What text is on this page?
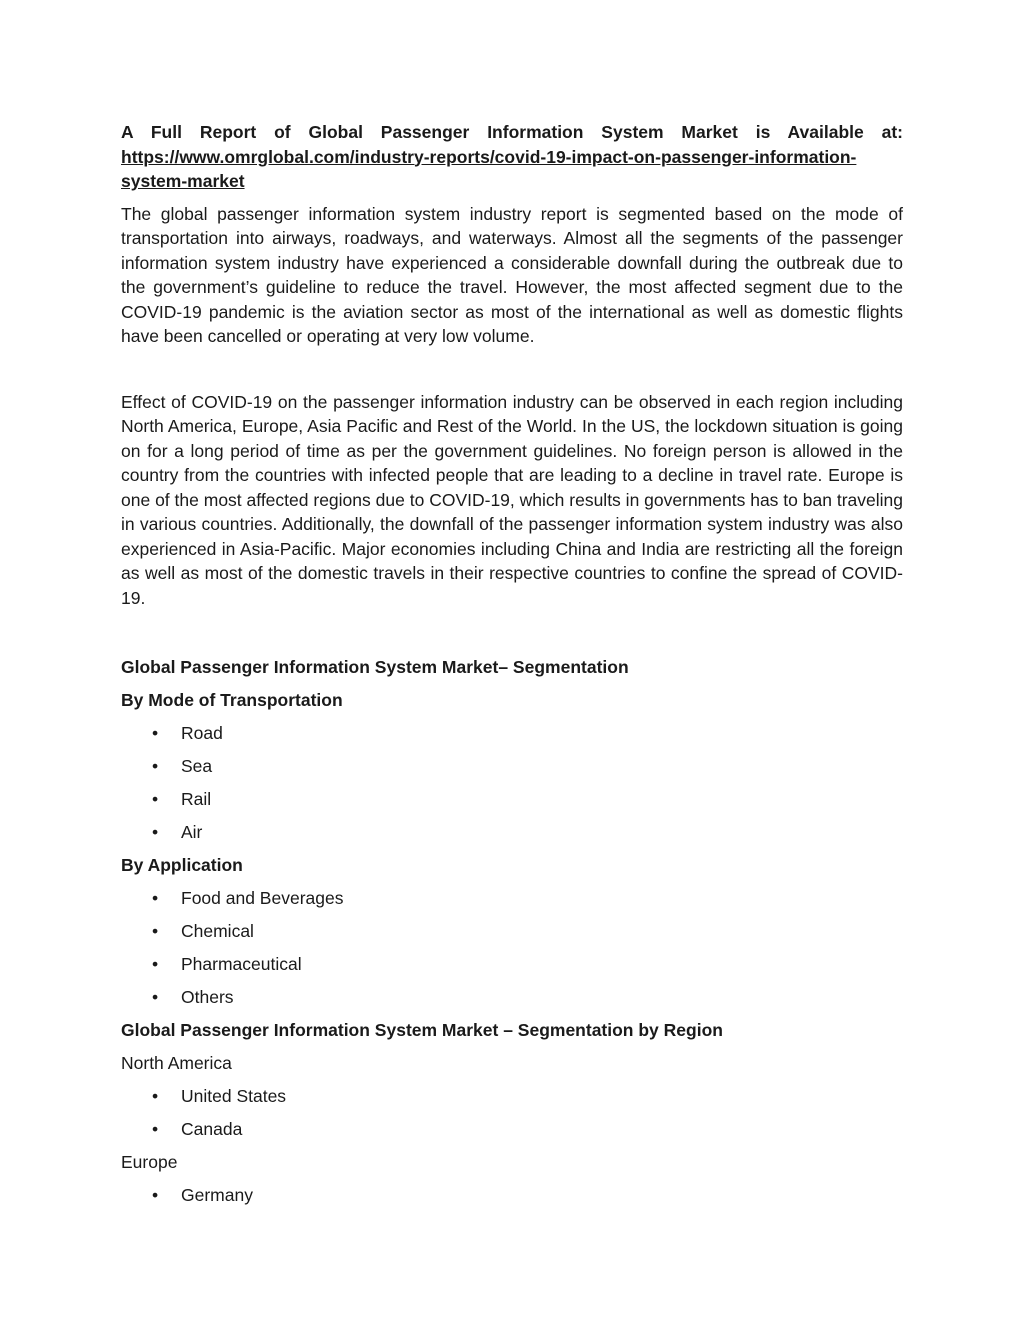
A Full Report of Global Passenger Information System Market is Available at: https://www.omrglobal.com/industry-reports/covid-19-impact-on-passenger-information-system-market

The global passenger information system industry report is segmented based on the mode of transportation into airways, roadways, and waterways. Almost all the segments of the passenger information system industry have experienced a considerable downfall during the outbreak due to the government’s guideline to reduce the travel. However, the most affected segment due to the COVID-19 pandemic is the aviation sector as most of the international as well as domestic flights have been cancelled or operating at very low volume.

Effect of COVID-19 on the passenger information industry can be observed in each region including North America, Europe, Asia Pacific and Rest of the World. In the US, the lockdown situation is going on for a long period of time as per the government guidelines. No foreign person is allowed in the country from the countries with infected people that are leading to a decline in travel rate. Europe is one of the most affected regions due to COVID-19, which results in governments has to ban traveling in various countries. Additionally, the downfall of the passenger information system industry was also experienced in Asia-Pacific. Major economies including China and India are restricting all the foreign as well as most of the domestic travels in their respective countries to confine the spread of COVID-19.

Global Passenger Information System Market– Segmentation

By Mode of Transportation

• Road
• Sea
• Rail
• Air

By Application

• Food and Beverages
• Chemical
• Pharmaceutical
• Others

Global Passenger Information System Market – Segmentation by Region

North America

• United States
• Canada

Europe

• Germany
